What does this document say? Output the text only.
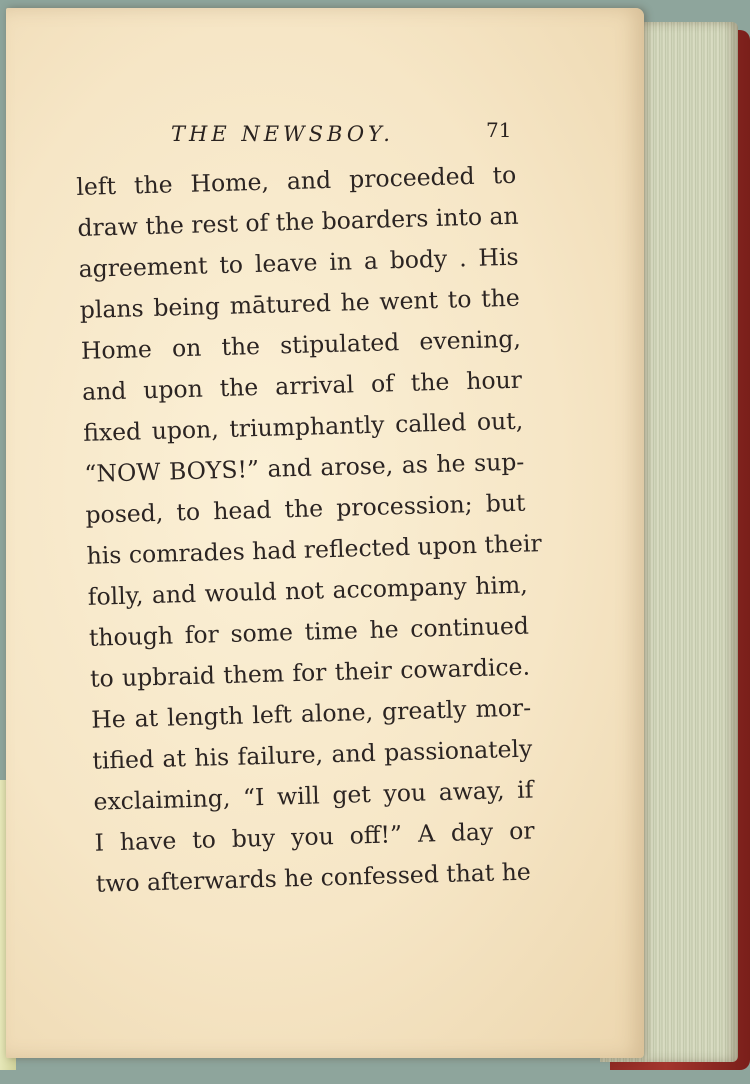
THE NEWSBOY.	71
left the Home, and proceeded to
draw the rest of the boarders into an
agreement to leave in a body . His
plans being mātured he went to the
Home on the stipulated evening,
and upon the arrival of the hour
fixed upon, triumphantly called out,
“NOW BOYS!” and arose, as he sup-
posed, to head the procession; but
his comrades had reflected upon their
folly, and would not accompany him,
though for some time he continued
to upbraid them for their cowardice.
He at length left alone, greatly mor-
tified at his failure, and passionately
exclaiming, “I will get you away, if
I have to buy you off!” A day or
two afterwards he confessed that he
